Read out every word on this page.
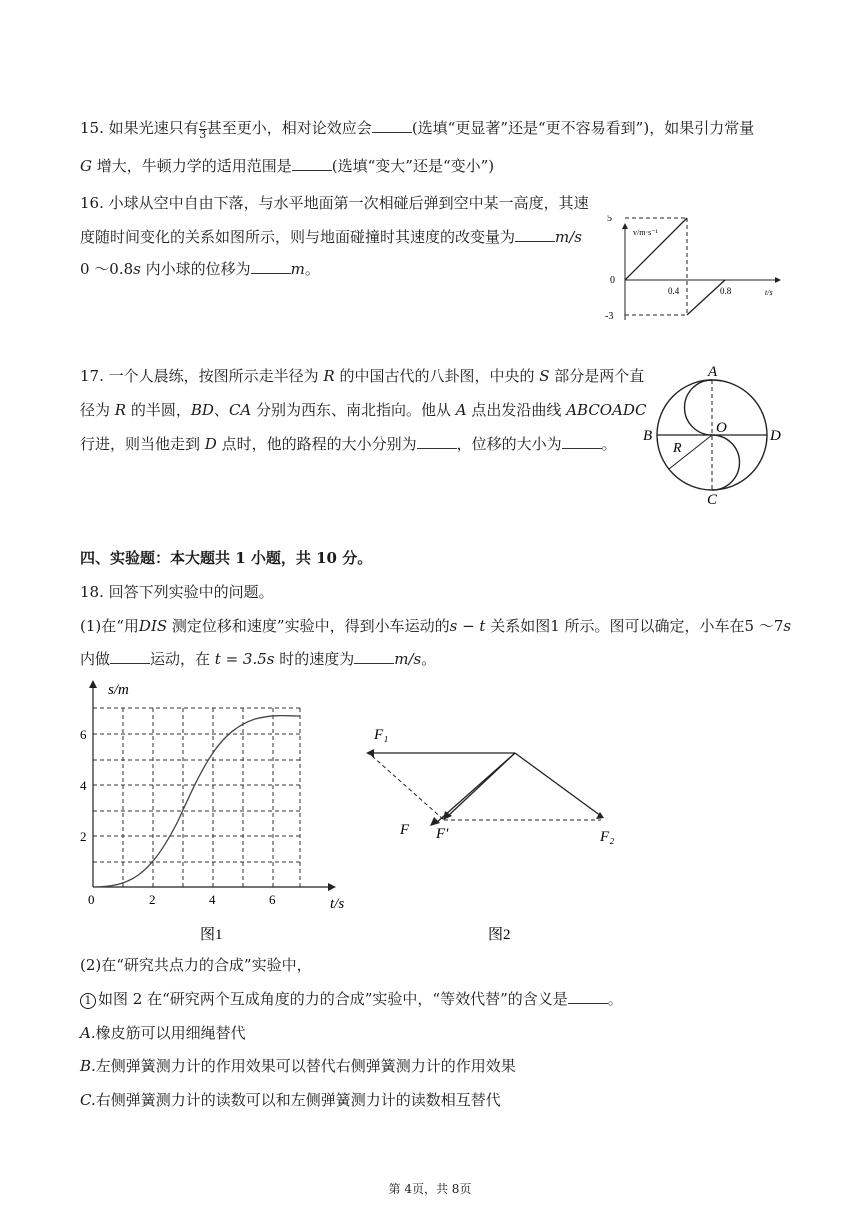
15. 如果光速只有 $\frac{c}{3}$ 甚至更小，相对论效应会	(选填“更显著”还是“更不容易看到”)，如果引力常量
G 增大，牛顿力学的适用范围是	(选填“变大”还是“变小”)
16. 小球从空中自由下落，与水平地面第一次相碰后弹到空中某一高度，其速
度随时间变化的关系如图所示，则与地面碰撞时其速度的改变量为	m/s
0 ～0.8s 内小球的位移为	m。
v/m·s⁻¹
t/s
5
0
-3
0.4	0.8
17. 一个人晨练，按图所示走半径为 R 的中国古代的八卦图，中央的 S 部分是两个直
径为 R 的半圆，BD、CA 分别为西东、南北指向。他从 A 点出发沿曲线 ABCOADC
行进，则当他走到 D 点时，他的路程的大小分别为	，位移的大小为	。
A
B
C
D
O
R
四、实验题：本大题共 1 小题，共 10 分。
18. 回答下列实验中的问题。
(1)在“用DIS 测定位移和速度”实验中，得到小车运动的s − t 关系如图1 所示。图可以确定，小车在5 ～7s
内做	运动，在 t = 3.5s 时的速度为	m/s。
s/m
t/s
2
4
6
0	2	4	6
图1
F₁
F F′	F₂
图2
(2)在“研究共点力的合成”实验中，
1 如图 2 在“研究两个互成角度的力的合成”实验中，“等效代替”的含义是	。
A.橡皮筋可以用细绳替代
B.左侧弹簧测力计的作用效果可以替代右侧弹簧测力计的作用效果
C.右侧弹簧测力计的读数可以和左侧弹簧测力计的读数相互替代
第 4页，共 8页
